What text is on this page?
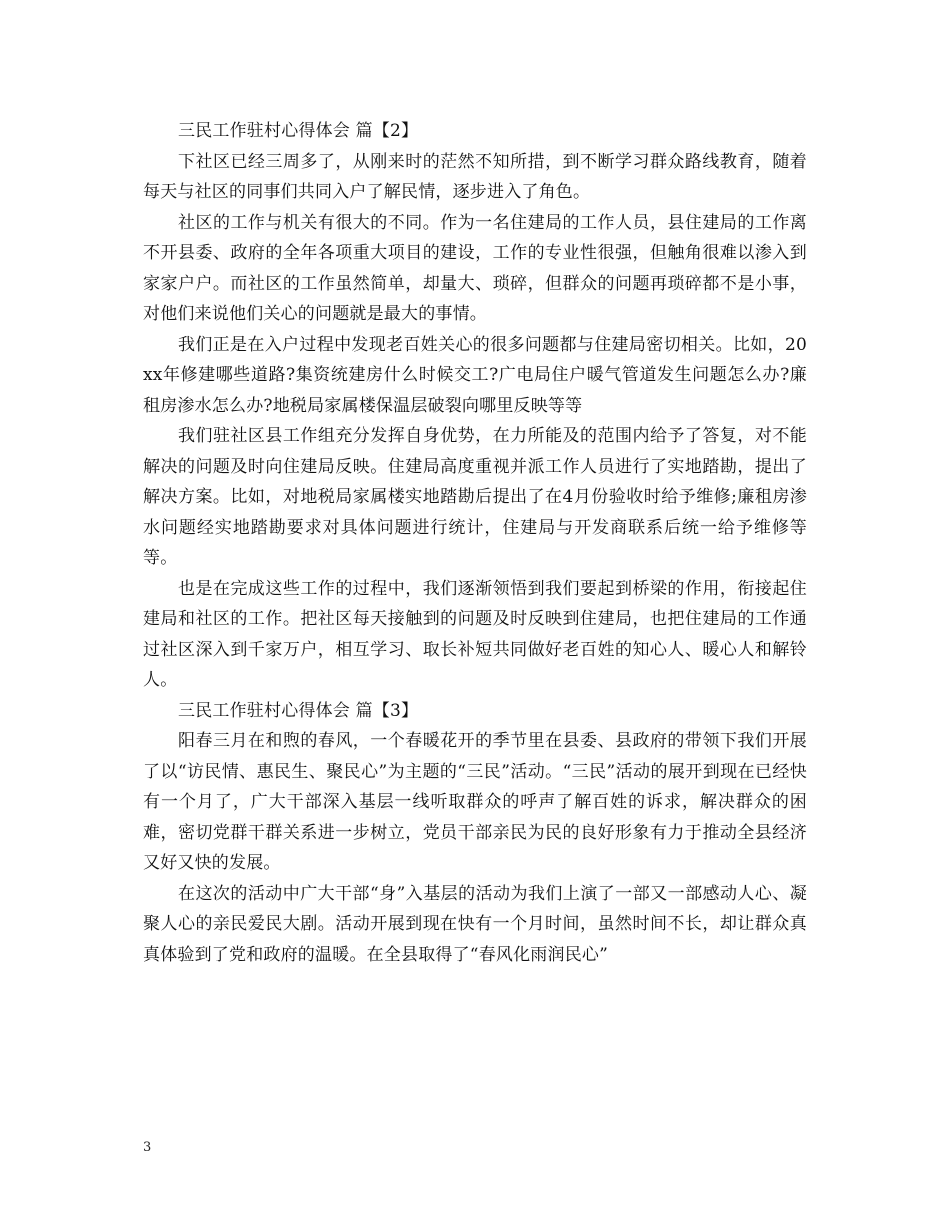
三民工作驻村心得体会 篇【2】

下社区已经三周多了，从刚来时的茫然不知所措，到不断学习群众路线教育，随着每天与社区的同事们共同入户了解民情，逐步进入了角色。

社区的工作与机关有很大的不同。作为一名住建局的工作人员，县住建局的工作离不开县委、政府的全年各项重大项目的建设，工作的专业性很强，但触角很难以渗入到家家户户。而社区的工作虽然简单，却量大、琐碎，但群众的问题再琐碎都不是小事，对他们来说他们关心的问题就是最大的事情。

我们正是在入户过程中发现老百姓关心的很多问题都与住建局密切相关。比如，20xx年修建哪些道路?集资统建房什么时候交工?广电局住户暖气管道发生问题怎么办?廉租房渗水怎么办?地税局家属楼保温层破裂向哪里反映等等

我们驻社区县工作组充分发挥自身优势，在力所能及的范围内给予了答复，对不能解决的问题及时向住建局反映。住建局高度重视并派工作人员进行了实地踏勘，提出了解决方案。比如，对地税局家属楼实地踏勘后提出了在4月份验收时给予维修;廉租房渗水问题经实地踏勘要求对具体问题进行统计，住建局与开发商联系后统一给予维修等等。

也是在完成这些工作的过程中，我们逐渐领悟到我们要起到桥梁的作用，衔接起住建局和社区的工作。把社区每天接触到的问题及时反映到住建局，也把住建局的工作通过社区深入到千家万户，相互学习、取长补短共同做好老百姓的知心人、暖心人和解铃人。

三民工作驻村心得体会 篇【3】

阳春三月在和煦的春风，一个春暖花开的季节里在县委、县政府的带领下我们开展了以“访民情、惠民生、聚民心”为主题的“三民”活动。“三民”活动的展开到现在已经快有一个月了，广大干部深入基层一线听取群众的呼声了解百姓的诉求，解决群众的困难，密切党群干群关系进一步树立，党员干部亲民为民的良好形象有力于推动全县经济又好又快的发展。

在这次的活动中广大干部“身”入基层的活动为我们上演了一部又一部感动人心、凝聚人心的亲民爱民大剧。活动开展到现在快有一个月时间，虽然时间不长，却让群众真真体验到了党和政府的温暖。在全县取得了“春风化雨润民心”

3
